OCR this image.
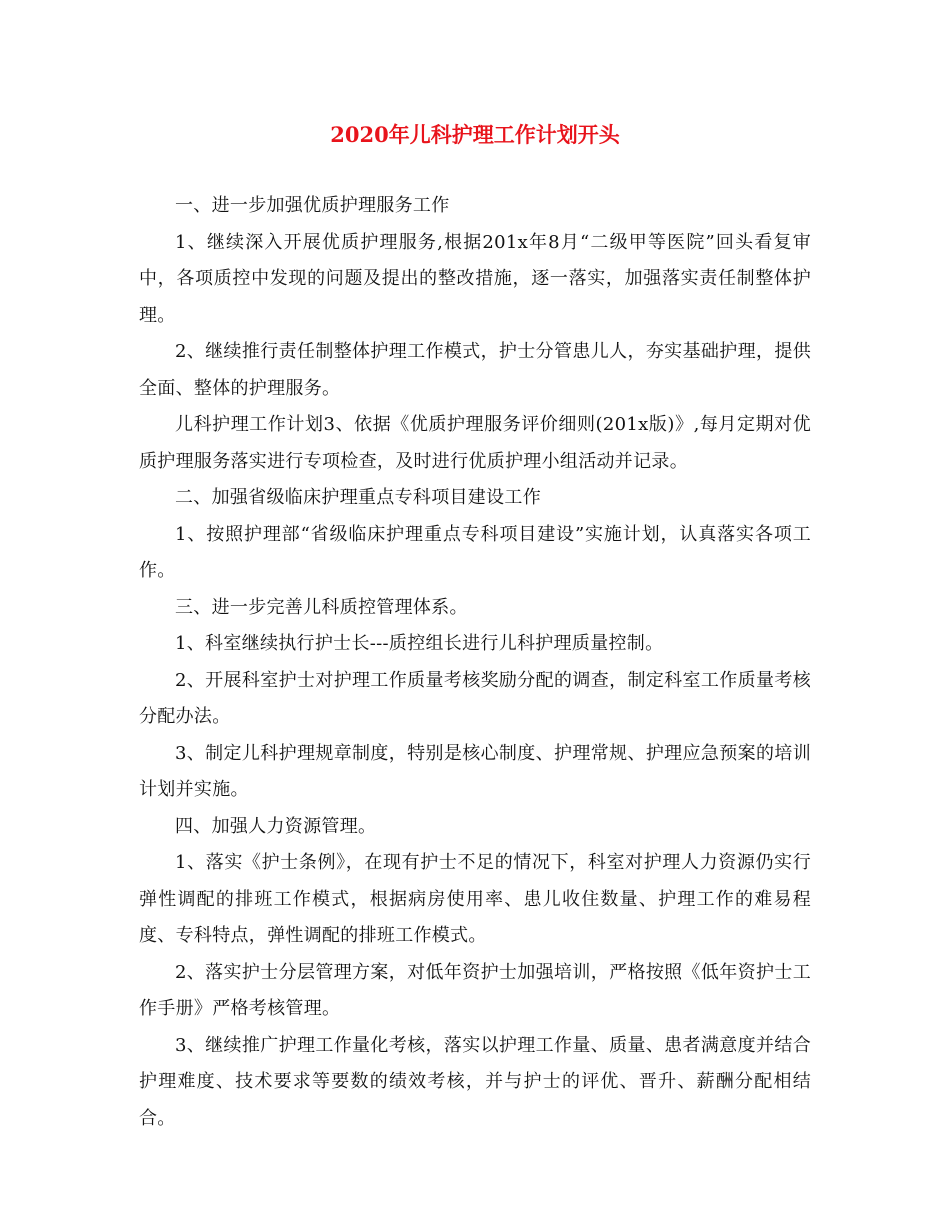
2020年儿科护理工作计划开头

一、进一步加强优质护理服务工作

1、继续深入开展优质护理服务,根据201x年8月“二级甲等医院”回头看复审中，各项质控中发现的问题及提出的整改措施，逐一落实，加强落实责任制整体护理。

2、继续推行责任制整体护理工作模式，护士分管患儿人，夯实基础护理，提供全面、整体的护理服务。

儿科护理工作计划3、依据《优质护理服务评价细则(201x版)》,每月定期对优质护理服务落实进行专项检查，及时进行优质护理小组活动并记录。

二、加强省级临床护理重点专科项目建设工作

1、按照护理部“省级临床护理重点专科项目建设”实施计划，认真落实各项工作。

三、进一步完善儿科质控管理体系。

1、科室继续执行护士长---质控组长进行儿科护理质量控制。

2、开展科室护士对护理工作质量考核奖励分配的调查，制定科室工作质量考核分配办法。

3、制定儿科护理规章制度，特别是核心制度、护理常规、护理应急预案的培训计划并实施。

四、加强人力资源管理。

1、落实《护士条例》，在现有护士不足的情况下，科室对护理人力资源仍实行弹性调配的排班工作模式，根据病房使用率、患儿收住数量、护理工作的难易程度、专科特点，弹性调配的排班工作模式。

2、落实护士分层管理方案，对低年资护士加强培训，严格按照《低年资护士工作手册》严格考核管理。

3、继续推广护理工作量化考核，落实以护理工作量、质量、患者满意度并结合护理难度、技术要求等要数的绩效考核，并与护士的评优、晋升、薪酬分配相结合。
